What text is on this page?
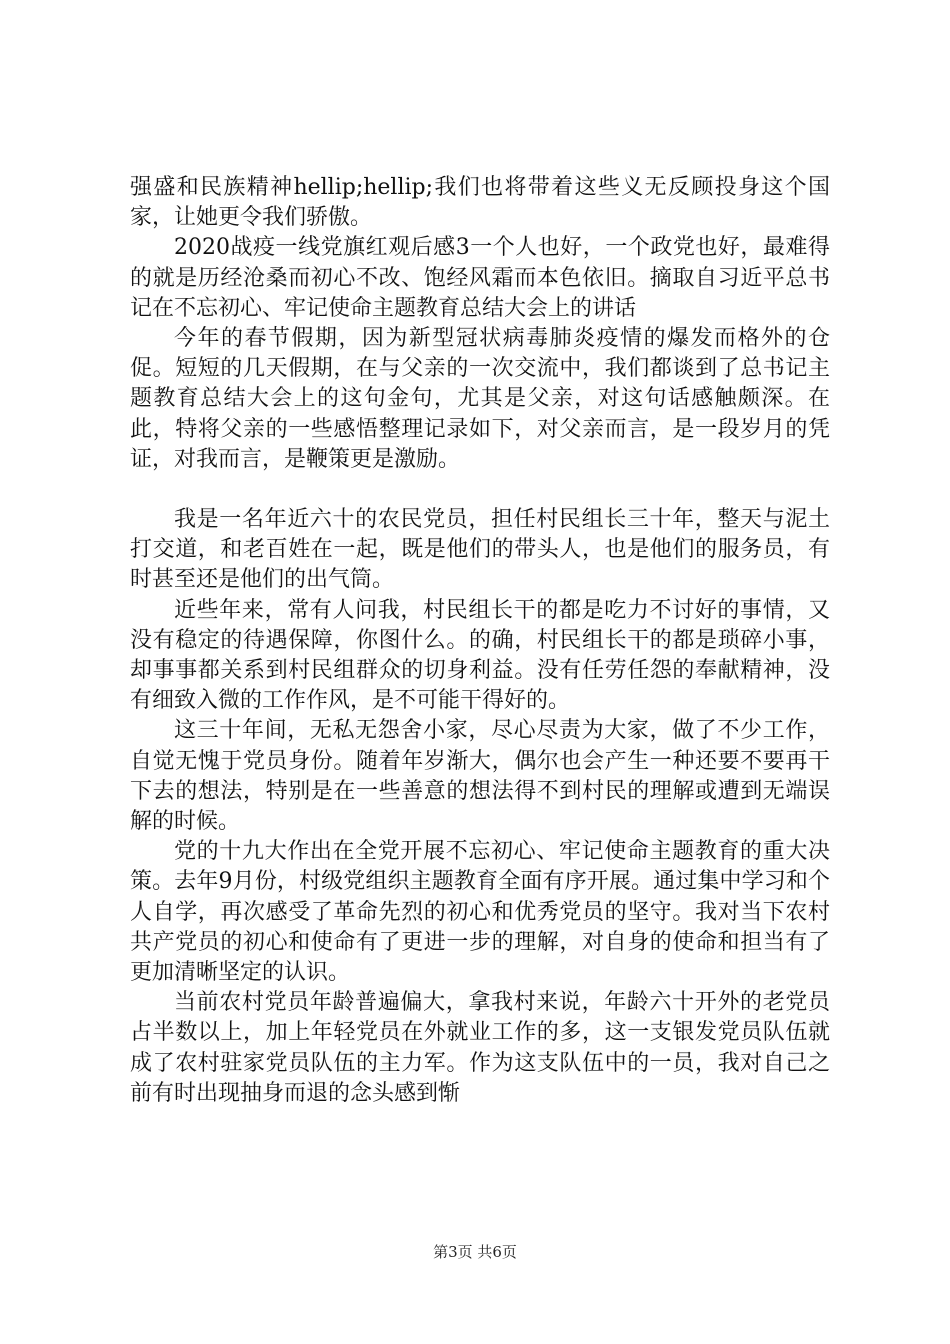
强盛和民族精神hellip;hellip;我们也将带着这些义无反顾投身这个国家，让她更令我们骄傲。

2020战疫一线党旗红观后感3一个人也好，一个政党也好，最难得的就是历经沧桑而初心不改、饱经风霜而本色依旧。摘取自习近平总书记在不忘初心、牢记使命主题教育总结大会上的讲话

今年的春节假期，因为新型冠状病毒肺炎疫情的爆发而格外的仓促。短短的几天假期，在与父亲的一次交流中，我们都谈到了总书记主题教育总结大会上的这句金句，尤其是父亲，对这句话感触颇深。在此，特将父亲的一些感悟整理记录如下，对父亲而言，是一段岁月的凭证，对我而言，是鞭策更是激励。

我是一名年近六十的农民党员，担任村民组长三十年，整天与泥土打交道，和老百姓在一起，既是他们的带头人，也是他们的服务员，有时甚至还是他们的出气筒。

近些年来，常有人问我，村民组长干的都是吃力不讨好的事情，又没有稳定的待遇保障，你图什么。的确，村民组长干的都是琐碎小事，却事事都关系到村民组群众的切身利益。没有任劳任怨的奉献精神，没有细致入微的工作作风，是不可能干得好的。

这三十年间，无私无怨舍小家，尽心尽责为大家，做了不少工作，自觉无愧于党员身份。随着年岁渐大，偶尔也会产生一种还要不要再干下去的想法，特别是在一些善意的想法得不到村民的理解或遭到无端误解的时候。

党的十九大作出在全党开展不忘初心、牢记使命主题教育的重大决策。去年9月份，村级党组织主题教育全面有序开展。通过集中学习和个人自学，再次感受了革命先烈的初心和优秀党员的坚守。我对当下农村共产党员的初心和使命有了更进一步的理解，对自身的使命和担当有了更加清晰坚定的认识。

当前农村党员年龄普遍偏大，拿我村来说，年龄六十开外的老党员占半数以上，加上年轻党员在外就业工作的多，这一支银发党员队伍就成了农村驻家党员队伍的主力军。作为这支队伍中的一员，我对自己之前有时出现抽身而退的念头感到惭

第3页 共6页
